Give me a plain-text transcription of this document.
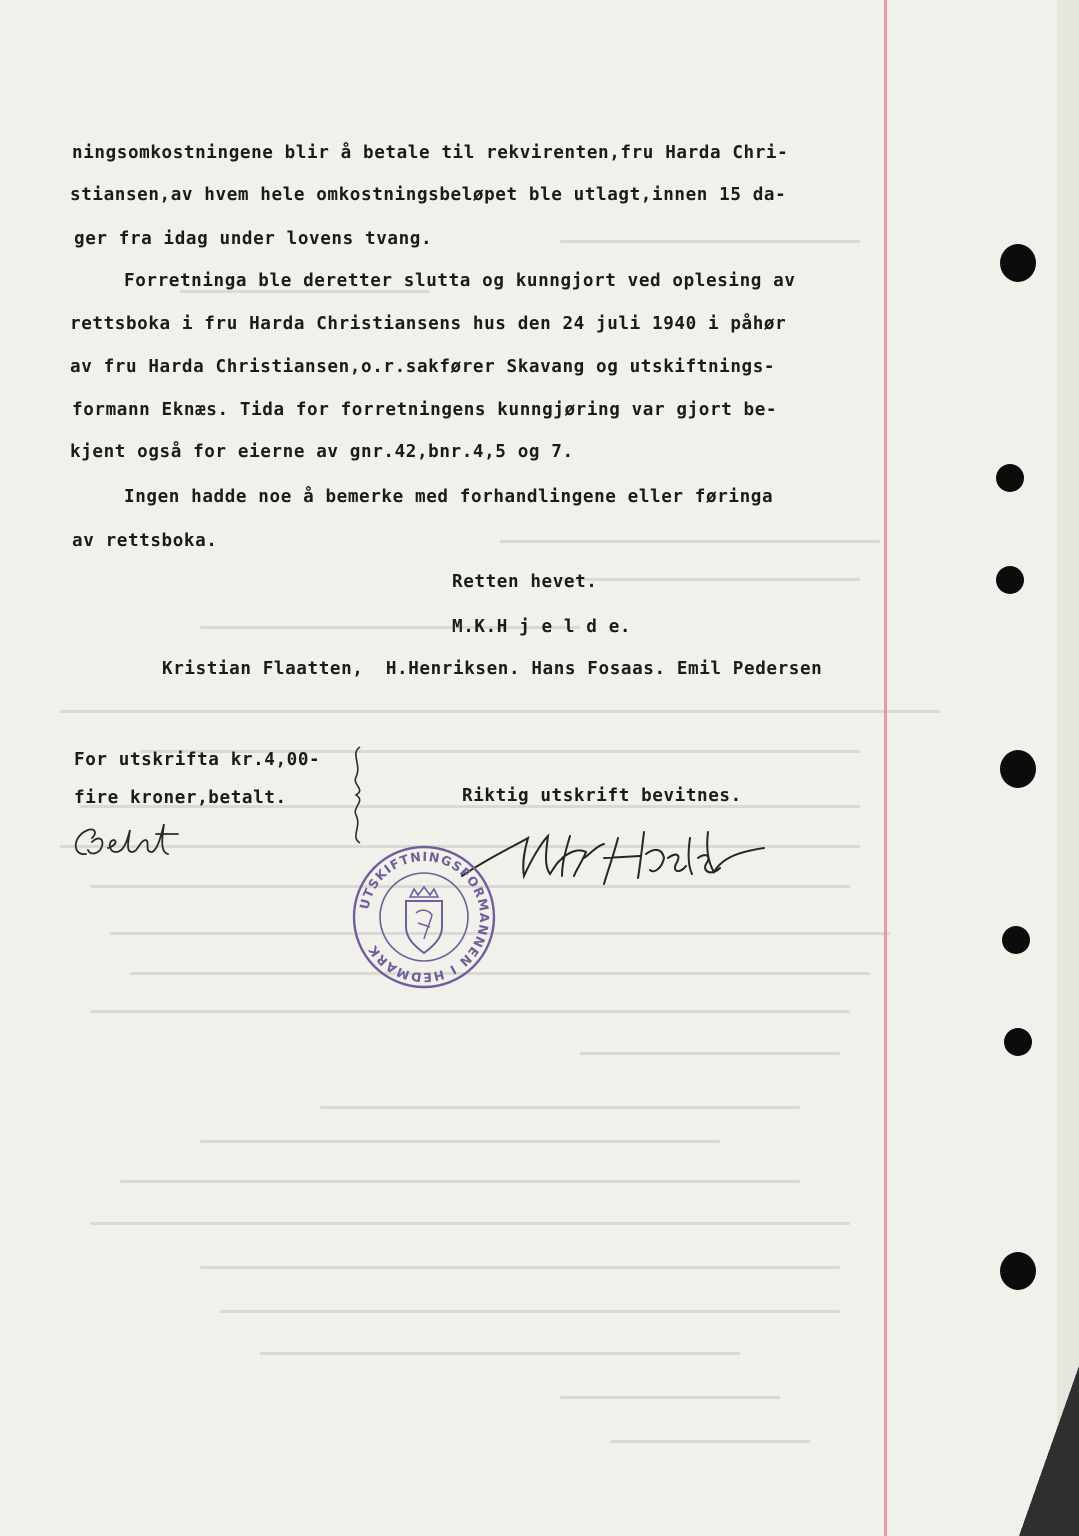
ningsomkostningene blir å betale til rekvirenten,fru Harda Chri-
stiansen,av hvem hele omkostningsbeløpet ble utlagt,innen 15 da-
ger fra idag under lovens tvang.
Forretninga ble deretter slutta og kunngjort ved oplesing av
rettsboka i fru Harda Christiansens hus den 24 juli 1940 i påhør
av fru Harda Christiansen,o.r.sakfører Skavang og utskiftnings-
formann Eknæs. Tida for forretningens kunngjøring var gjort be-
kjent også for eierne av gnr.42,bnr.4,5 og 7.
Ingen hadde noe å bemerke med forhandlingene eller føringa
av rettsboka.
Retten hevet.
M.K.H j e l d e.
Kristian Flaatten,  H.Henriksen. Hans Fosaas. Emil Pedersen
For utskrifta kr.4,00-
fire kroner,betalt.	Riktig utskrift bevitnes.
UTSKIFTNINGSFORMANNEN I HEDMARK
